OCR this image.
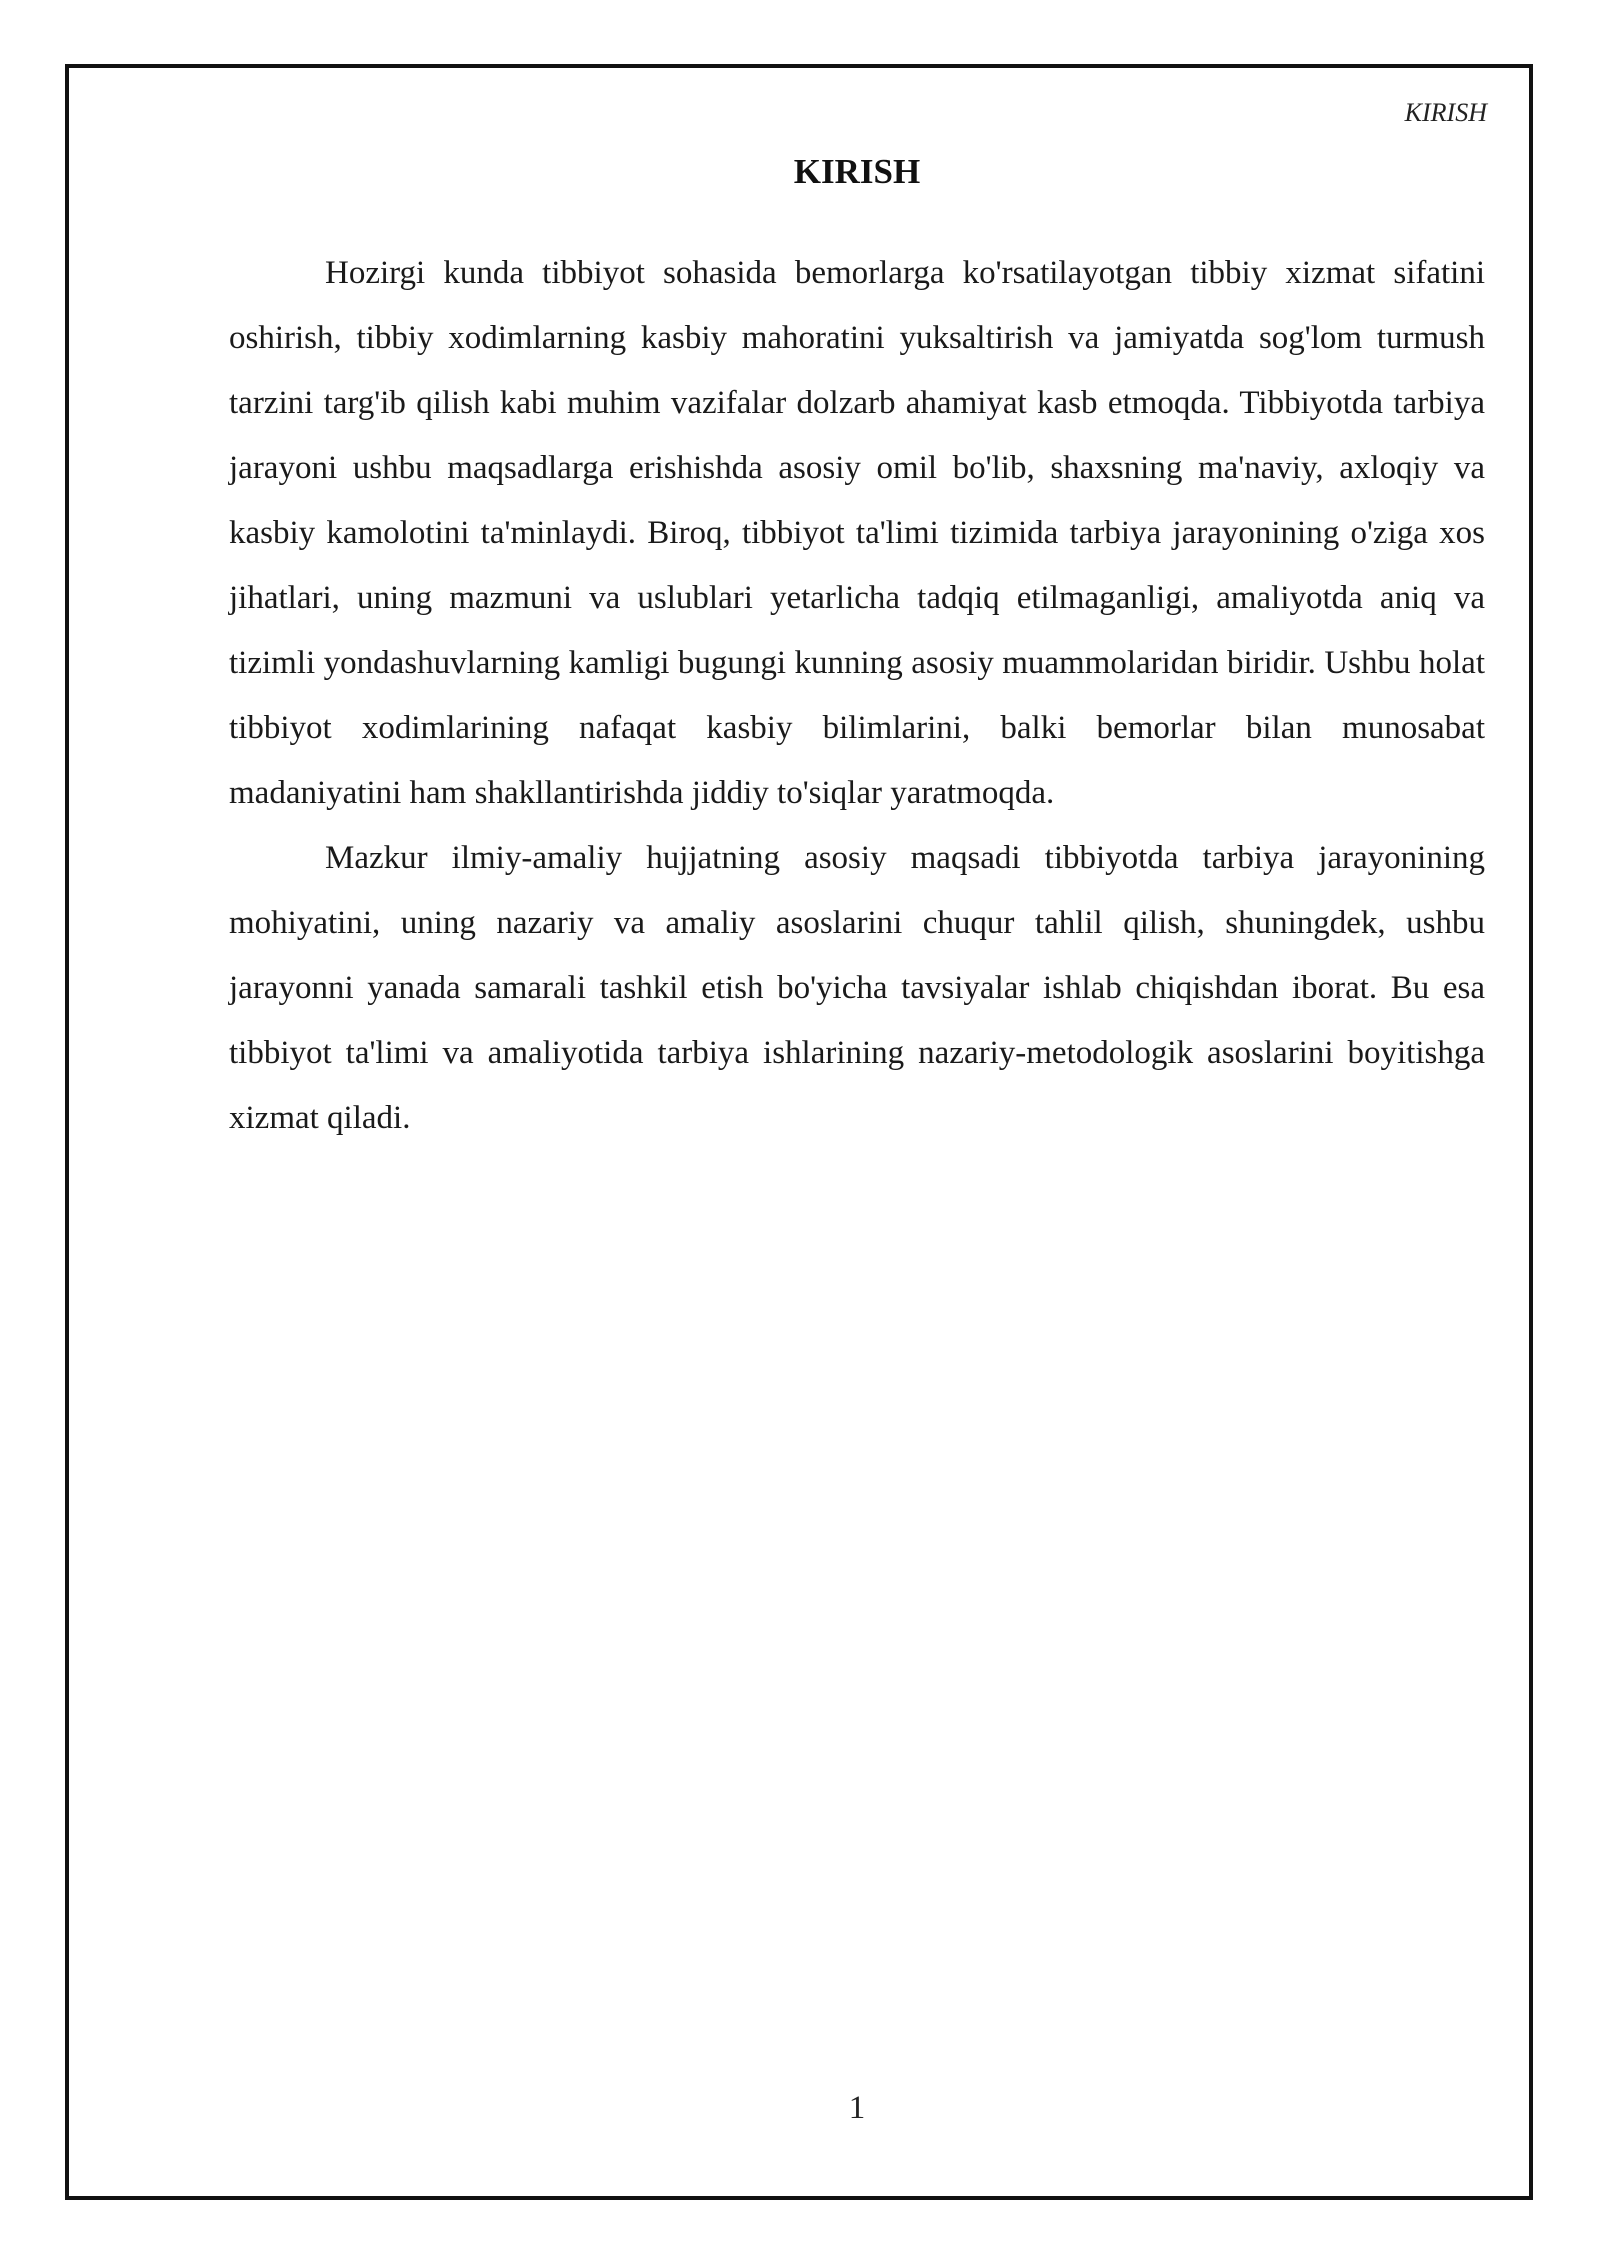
KIRISH
KIRISH

Hozirgi kunda tibbiyot sohasida bemorlarga ko'rsatilayotgan tibbiy xizmat sifatini oshirish, tibbiy xodimlarning kasbiy mahoratini yuksaltirish va jamiyatda sog'lom turmush tarzini targ'ib qilish kabi muhim vazifalar dolzarb ahamiyat kasb etmoqda. Tibbiyotda tarbiya jarayoni ushbu maqsadlarga erishishda asosiy omil bo'lib, shaxsning ma'naviy, axloqiy va kasbiy kamolotini ta'minlaydi. Biroq, tibbiyot ta'limi tizimida tarbiya jarayonining o'ziga xos jihatlari, uning mazmuni va uslublari yetarlicha tadqiq etilmaganligi, amaliyotda aniq va tizimli yondashuvlarning kamligi bugungi kunning asosiy muammolaridan biridir. Ushbu holat tibbiyot xodimlarining nafaqat kasbiy bilimlarini, balki bemorlar bilan munosabat madaniyatini ham shakllantirishda jiddiy to'siqlar yaratmoqda.

Mazkur ilmiy-amaliy hujjatning asosiy maqsadi tibbiyotda tarbiya jarayonining mohiyatini, uning nazariy va amaliy asoslarini chuqur tahlil qilish, shuningdek, ushbu jarayonni yanada samarali tashkil etish bo'yicha tavsiyalar ishlab chiqishdan iborat. Bu esa tibbiyot ta'limi va amaliyotida tarbiya ishlarining nazariy-metodologik asoslarini boyitishga xizmat qiladi.

1
